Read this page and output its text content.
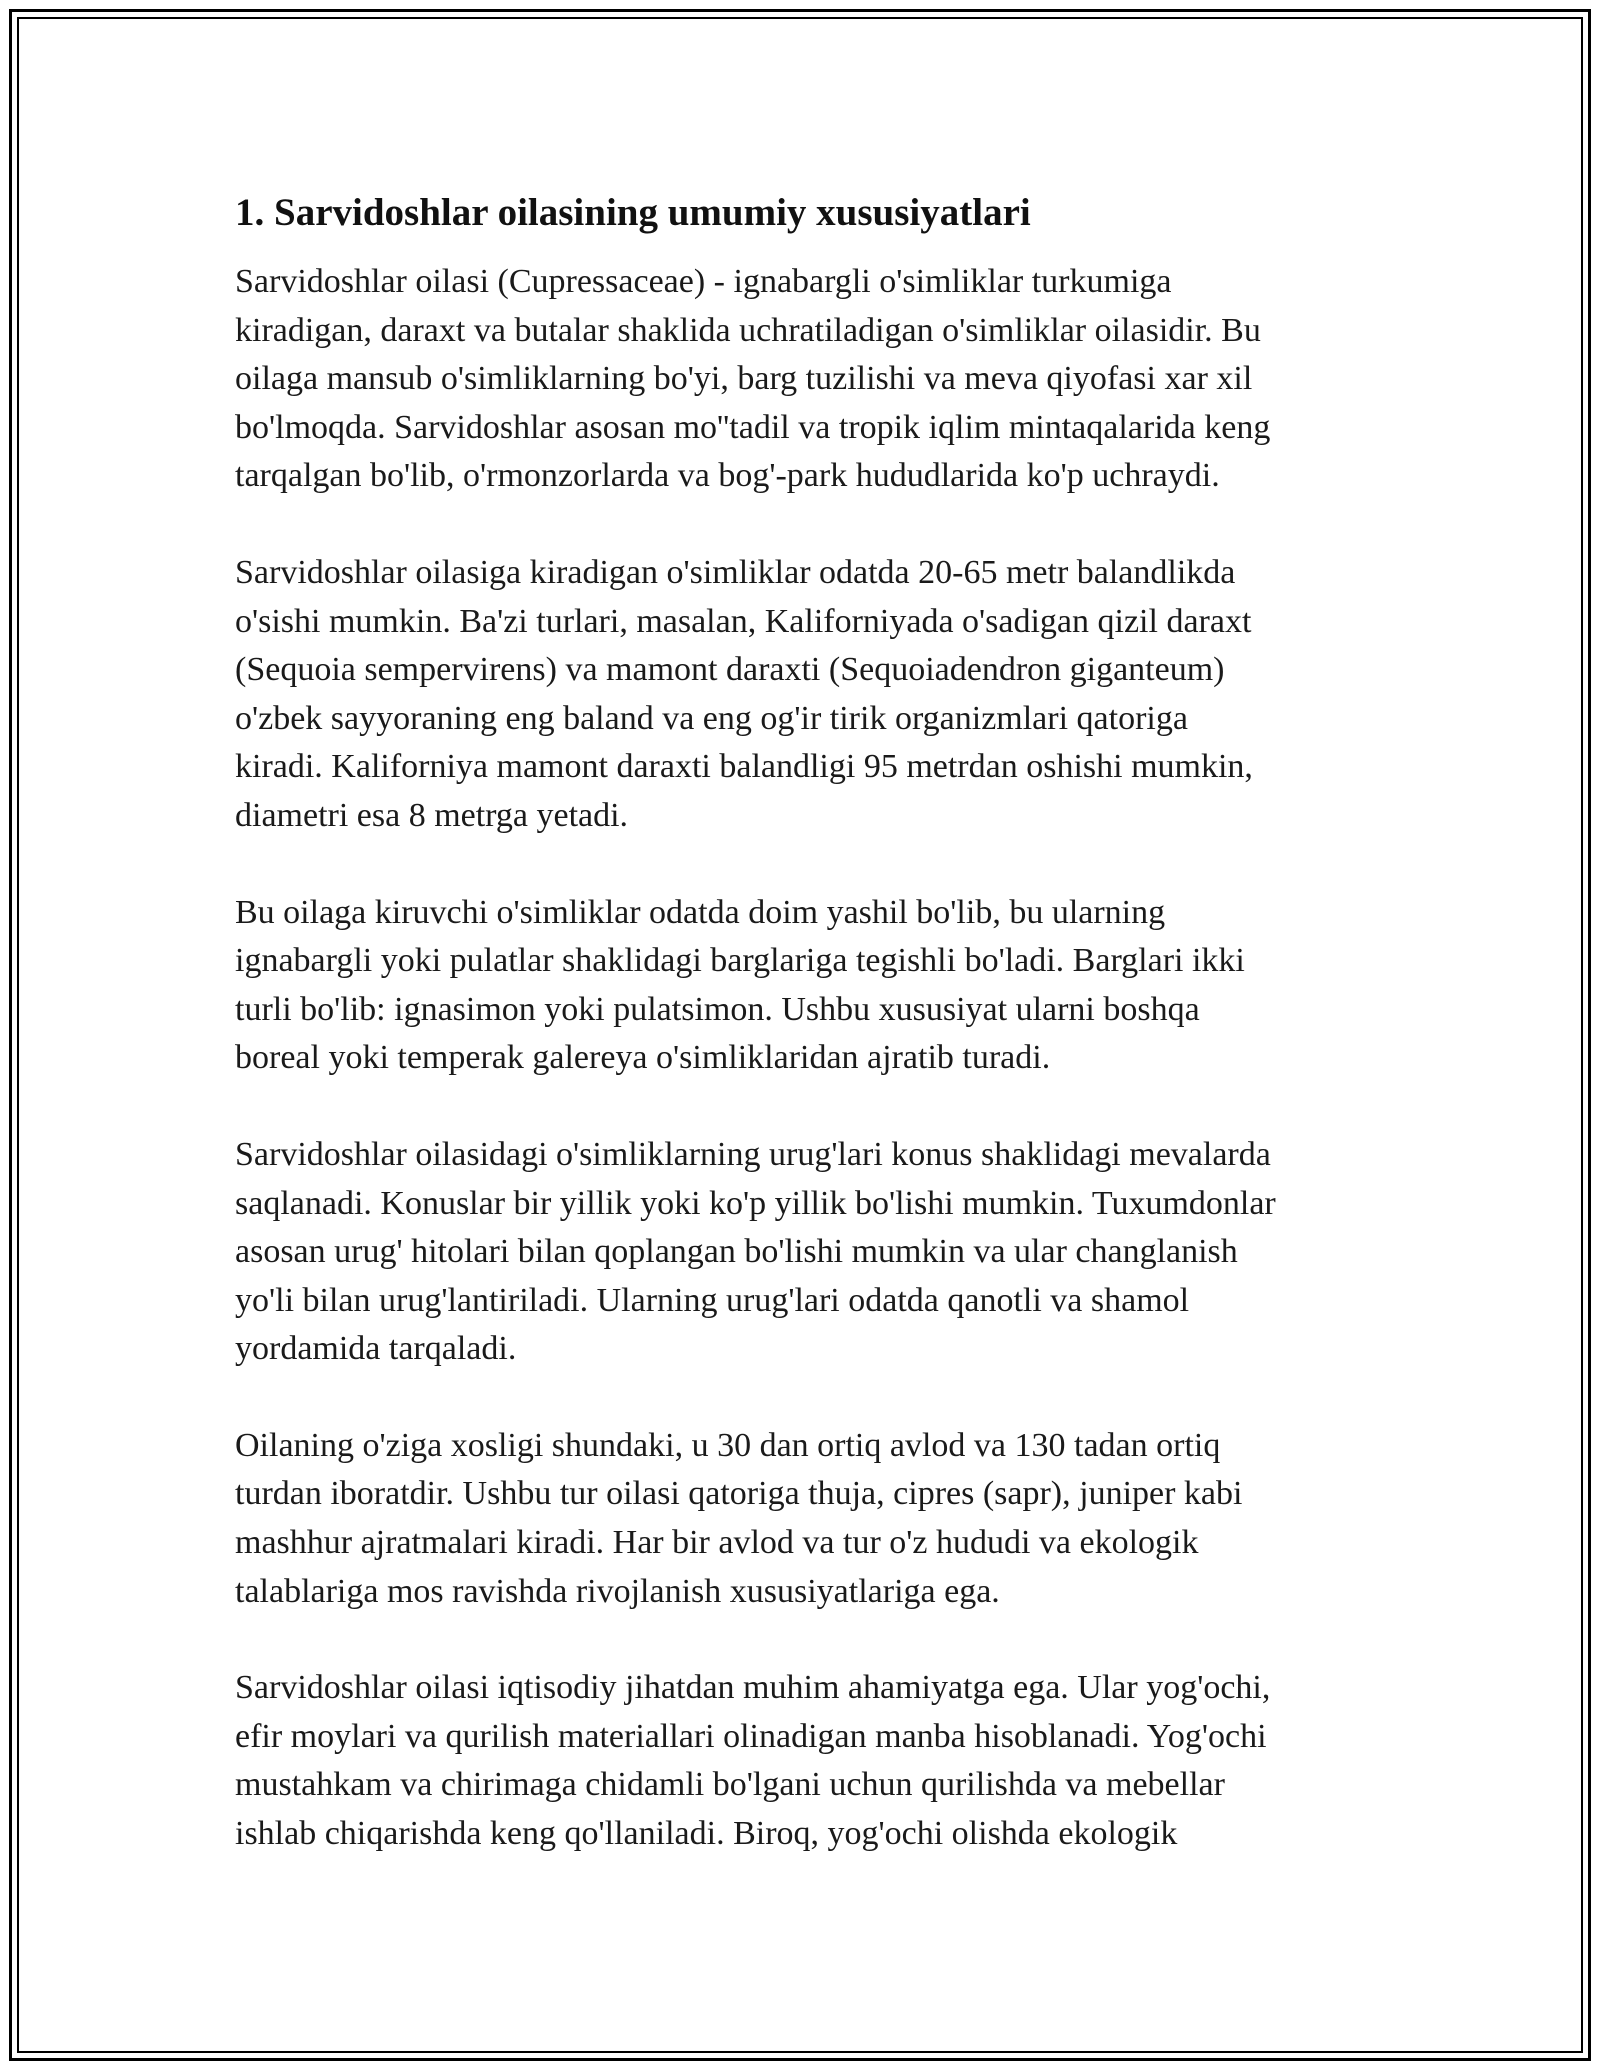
1. Sarvidoshlar oilasining umumiy xususiyatlari

Sarvidoshlar oilasi (Cupressaceae) - ignabargli o'simliklar turkumiga
kiradigan, daraxt va butalar shaklida uchratiladigan o'simliklar oilasidir. Bu
oilaga mansub o'simliklarning bo'yi, barg tuzilishi va meva qiyofasi xar xil
bo'lmoqda. Sarvidoshlar asosan mo''tadil va tropik iqlim mintaqalarida keng
tarqalgan bo'lib, o'rmonzorlarda va bog'-park hududlarida ko'p uchraydi.

Sarvidoshlar oilasiga kiradigan o'simliklar odatda 20-65 metr balandlikda
o'sishi mumkin. Ba'zi turlari, masalan, Kaliforniyada o'sadigan qizil daraxt
(Sequoia sempervirens) va mamont daraxti (Sequoiadendron giganteum)
o'zbek sayyoraning eng baland va eng og'ir tirik organizmlari qatoriga
kiradi. Kaliforniya mamont daraxti balandligi 95 metrdan oshishi mumkin,
diametri esa 8 metrga yetadi.

Bu oilaga kiruvchi o'simliklar odatda doim yashil bo'lib, bu ularning
ignabargli yoki pulatlar shaklidagi barglariga tegishli bo'ladi. Barglari ikki
turli bo'lib: ignasimon yoki pulatsimon. Ushbu xususiyat ularni boshqa
boreal yoki temperak galereya o'simliklaridan ajratib turadi.

Sarvidoshlar oilasidagi o'simliklarning urug'lari konus shaklidagi mevalarda
saqlanadi. Konuslar bir yillik yoki ko'p yillik bo'lishi mumkin. Tuxumdonlar
asosan urug' hitolari bilan qoplangan bo'lishi mumkin va ular changlanish
yo'li bilan urug'lantiriladi. Ularning urug'lari odatda qanotli va shamol
yordamida tarqaladi.

Oilaning o'ziga xosligi shundaki, u 30 dan ortiq avlod va 130 tadan ortiq
turdan iboratdir. Ushbu tur oilasi qatoriga thuja, cipres (sapr), juniper kabi
mashhur ajratmalari kiradi. Har bir avlod va tur o'z hududi va ekologik
talablariga mos ravishda rivojlanish xususiyatlariga ega.

Sarvidoshlar oilasi iqtisodiy jihatdan muhim ahamiyatga ega. Ular yog'ochi,
efir moylari va qurilish materiallari olinadigan manba hisoblanadi. Yog'ochi
mustahkam va chirimaga chidamli bo'lgani uchun qurilishda va mebellar
ishlab chiqarishda keng qo'llaniladi. Biroq, yog'ochi olishda ekologik
